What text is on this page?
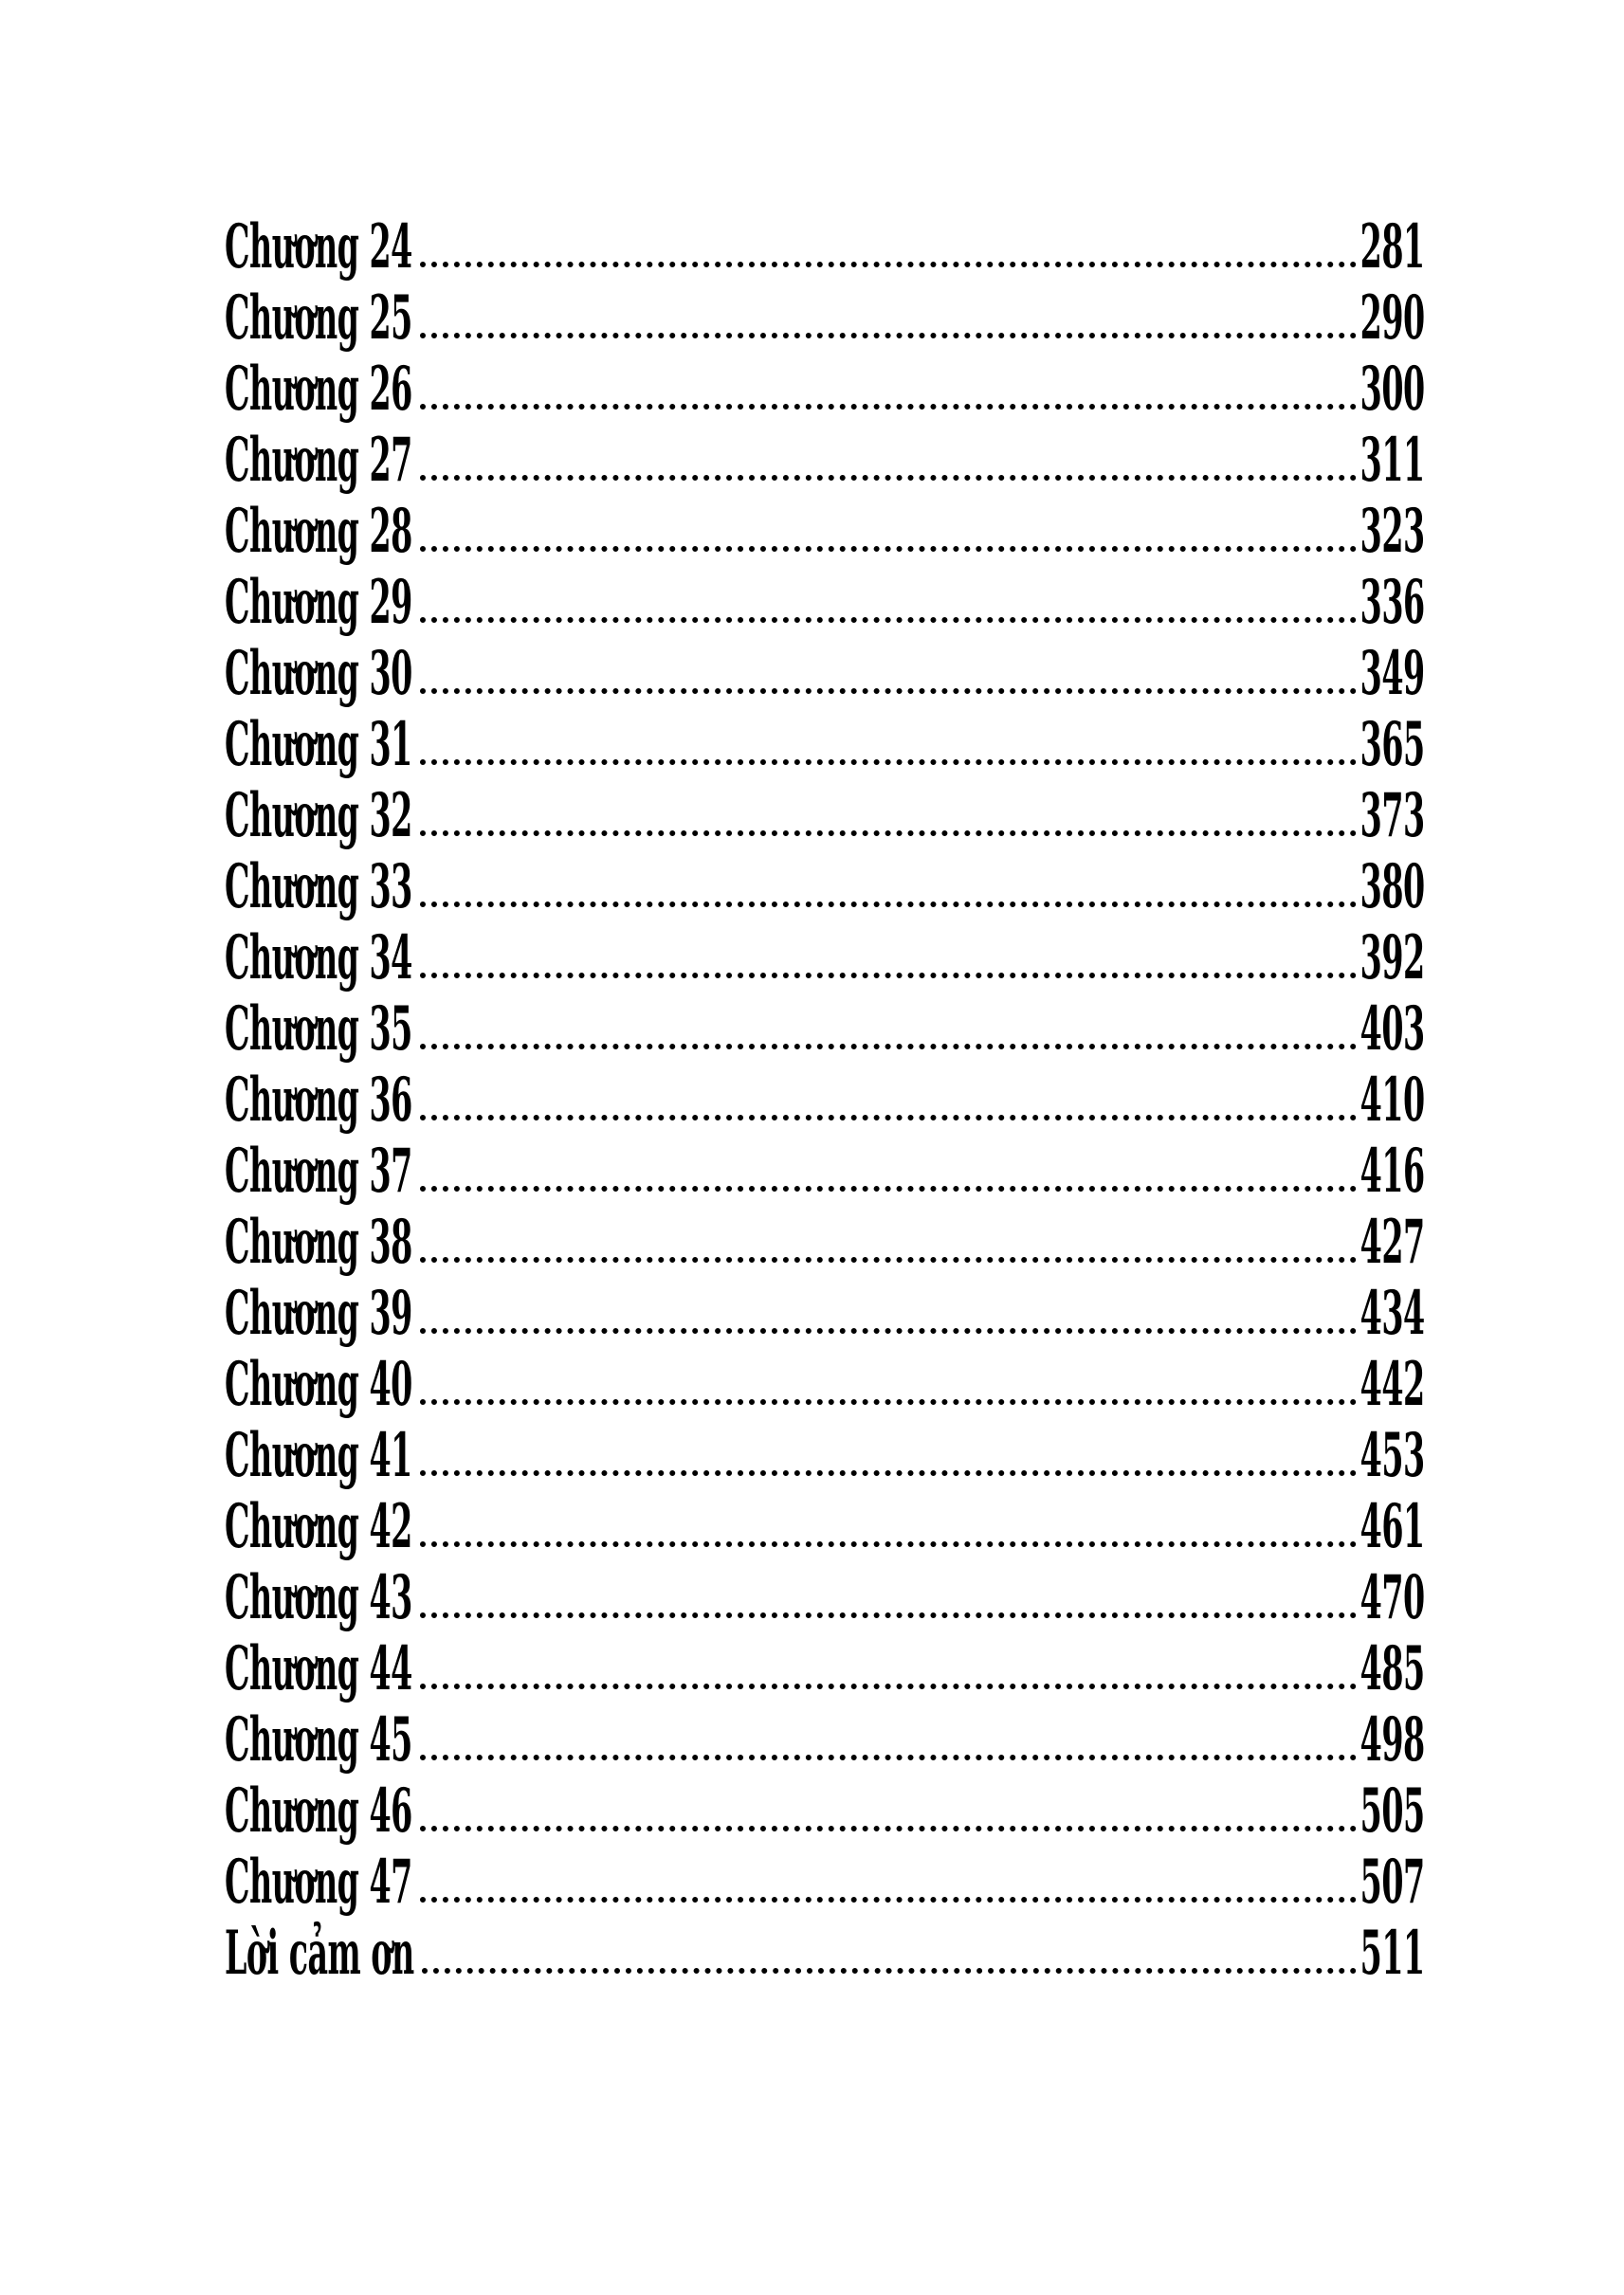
Chương 24	281
Chương 25	290
Chương 26	300
Chương 27	311
Chương 28	323
Chương 29	336
Chương 30	349
Chương 31	365
Chương 32	373
Chương 33	380
Chương 34	392
Chương 35	403
Chương 36	410
Chương 37	416
Chương 38	427
Chương 39	434
Chương 40	442
Chương 41	453
Chương 42	461
Chương 43	470
Chương 44	485
Chương 45	498
Chương 46	505
Chương 47	507
Lời cảm ơn	511
